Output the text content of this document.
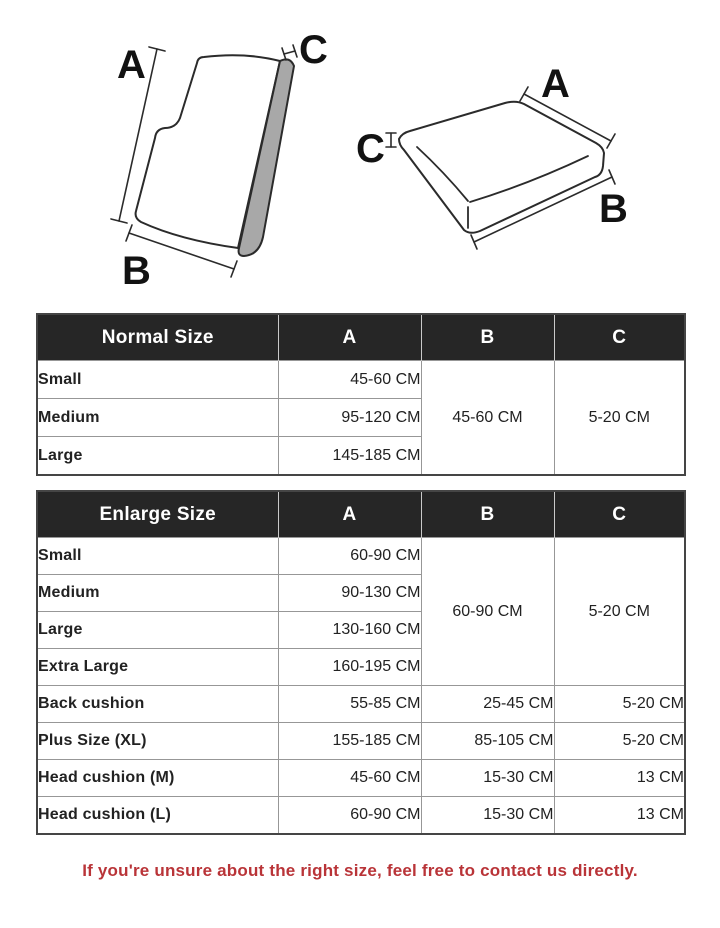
A
B
C
A
B
C
Normal Size	A	B	C
Small	45-60 CM	45-60 CM	5-20 CM
Medium	95-120 CM		
Large	145-185 CM		
Enlarge Size	A	B	C
Small	60-90 CM	60-90 CM	5-20 CM
Medium	90-130 CM		
Large	130-160 CM		
Extra Large	160-195 CM		
Back cushion	55-85 CM	25-45 CM	5-20 CM
Plus Size (XL)	155-185 CM	85-105 CM	5-20 CM
Head cushion (M)	45-60 CM	15-30 CM	13 CM
Head cushion (L)	60-90 CM	15-30 CM	13 CM
If you're unsure about the right size, feel free to contact us directly.
